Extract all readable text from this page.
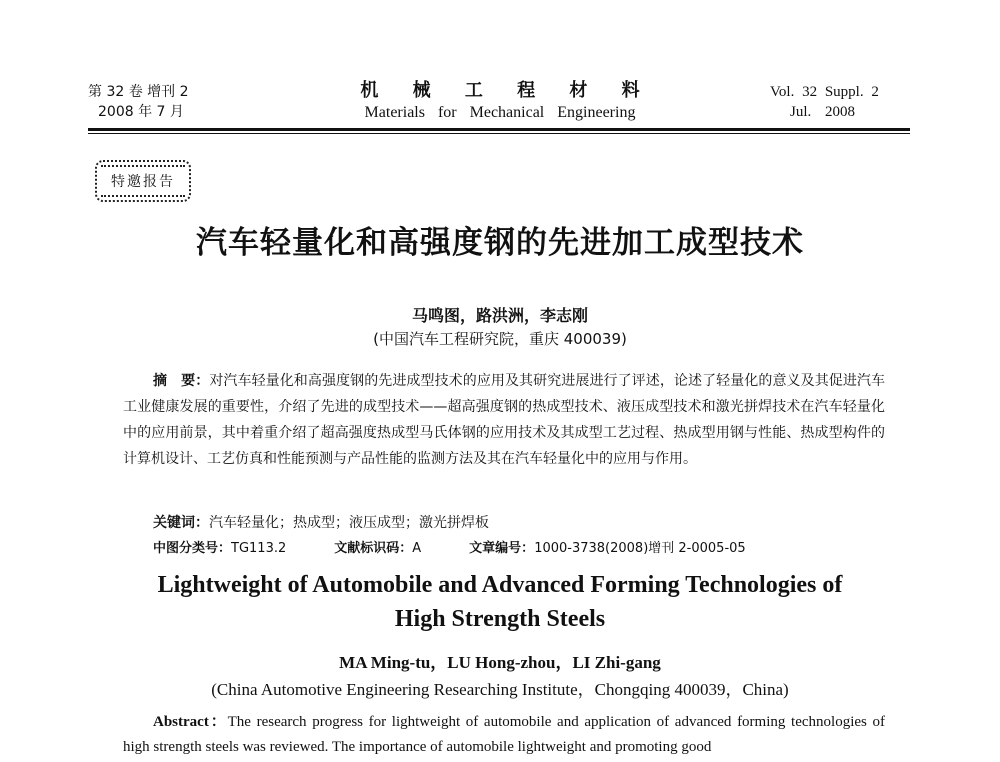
第 32 卷 增刊 2
2008 年 7 月
机 械 工 程 材 料
Materials for Mechanical Engineering
Vol. 32 Suppl. 2
Jul. 2008
特邀报告
汽车轻量化和高强度钢的先进加工成型技术
马鸣图，路洪洲，李志刚
(中国汽车工程研究院，重庆 400039)
摘　要：对汽车轻量化和高强度钢的先进成型技术的应用及其研究进展进行了评述，论述了轻量化的意义及其促进汽车工业健康发展的重要性，介绍了先进的成型技术——超高强度钢的热成型技术、液压成型技术和激光拼焊技术在汽车轻量化中的应用前景，其中着重介绍了超高强度热成型马氏体钢的应用技术及其成型工艺过程、热成型用钢与性能、热成型构件的计算机设计、工艺仿真和性能预测与产品性能的监测方法及其在汽车轻量化中的应用与作用。
关键词：汽车轻量化；热成型；液压成型；激光拼焊板
中图分类号：TG113.2	文献标识码：A	文章编号：1000-3738(2008)增刊 2-0005-05
Lightweight of Automobile and Advanced Forming Technologies of
High Strength Steels
MA Ming-tu，LU Hong-zhou，LI Zhi-gang
(China Automotive Engineering Researching Institute，Chongqing 400039，China)
Abstract：The research progress for lightweight of automobile and application of advanced forming technologies of high strength steels was reviewed. The importance of automobile lightweight and promoting good
